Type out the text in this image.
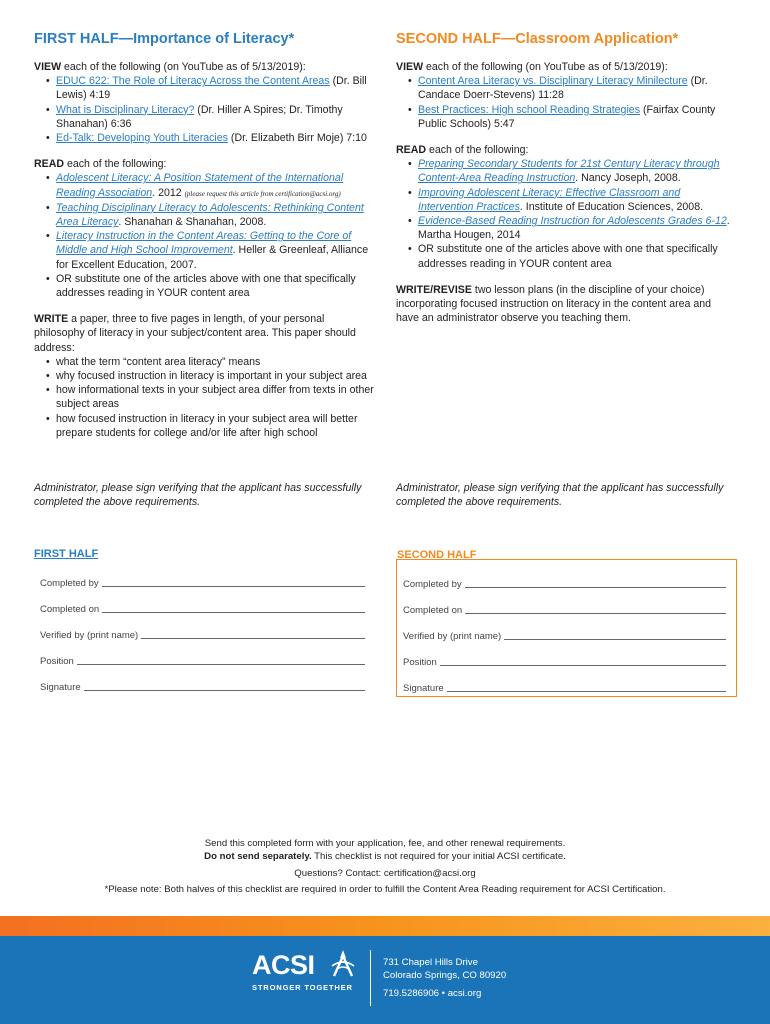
FIRST HALF—Importance of Literacy*
VIEW each of the following (on YouTube as of 5/13/2019):
• EDUC 622: The Role of Literacy Across the Content Areas (Dr. Bill Lewis) 4:19
• What is Disciplinary Literacy? (Dr. Hiller A Spires; Dr. Timothy Shanahan) 6:36
• Ed-Talk: Developing Youth Literacies (Dr. Elizabeth Birr Moje) 7:10
READ each of the following:
• Adolescent Literacy: A Position Statement of the International Reading Association. 2012 (please request this article from certification@acsi.org)
• Teaching Disciplinary Literacy to Adolescents: Rethinking Content Area Literacy. Shanahan & Shanahan, 2008.
• Literacy Instruction in the Content Areas: Getting to the Core of Middle and High School Improvement. Heller & Greenleaf, Alliance for Excellent Education, 2007.
• OR substitute one of the articles above with one that specifically addresses reading in YOUR content area
WRITE a paper, three to five pages in length, of your personal philosophy of literacy in your subject/content area. This paper should address:
• what the term “content area literacy” means
• why focused instruction in literacy is important in your subject area
• how informational texts in your subject area differ from texts in other subject areas
• how focused instruction in literacy in your subject area will better prepare students for college and/or life after high school
SECOND HALF—Classroom Application*
VIEW each of the following (on YouTube as of 5/13/2019):
• Content Area Literacy vs. Disciplinary Literacy Minilecture (Dr. Candace Doerr-Stevens) 11:28
• Best Practices: High school Reading Strategies (Fairfax County Public Schools) 5:47
READ each of the following:
• Preparing Secondary Students for 21st Century Literacy through Content-Area Reading Instruction. Nancy Joseph, 2008.
• Improving Adolescent Literacy: Effective Classroom and Intervention Practices. Institute of Education Sciences, 2008.
• Evidence-Based Reading Instruction for Adolescents Grades 6-12. Martha Hougen, 2014
• OR substitute one of the articles above with one that specifically addresses reading in YOUR content area
WRITE/REVISE two lesson plans (in the discipline of your choice) incorporating focused instruction on literacy in the content area and have an administrator observe you teaching them.
Administrator, please sign verifying that the applicant has successfully completed the above requirements.
Administrator, please sign verifying that the applicant has successfully completed the above requirements.
FIRST HALF
Completed by
Completed on
Verified by (print name)
Position
Signature
SECOND HALF
Completed by
Completed on
Verified by (print name)
Position
Signature
Send this completed form with your application, fee, and other renewal requirements.
Do not send separately. This checklist is not required for your initial ACSI certificate.
Questions? Contact: certification@acsi.org
*Please note: Both halves of this checklist are required in order to fulfill the Content Area Reading requirement for ACSI Certification.
ACSI
STRONGER TOGETHER
731 Chapel Hills Drive
Colorado Springs, CO 80920
719.5286906 • acsi.org
